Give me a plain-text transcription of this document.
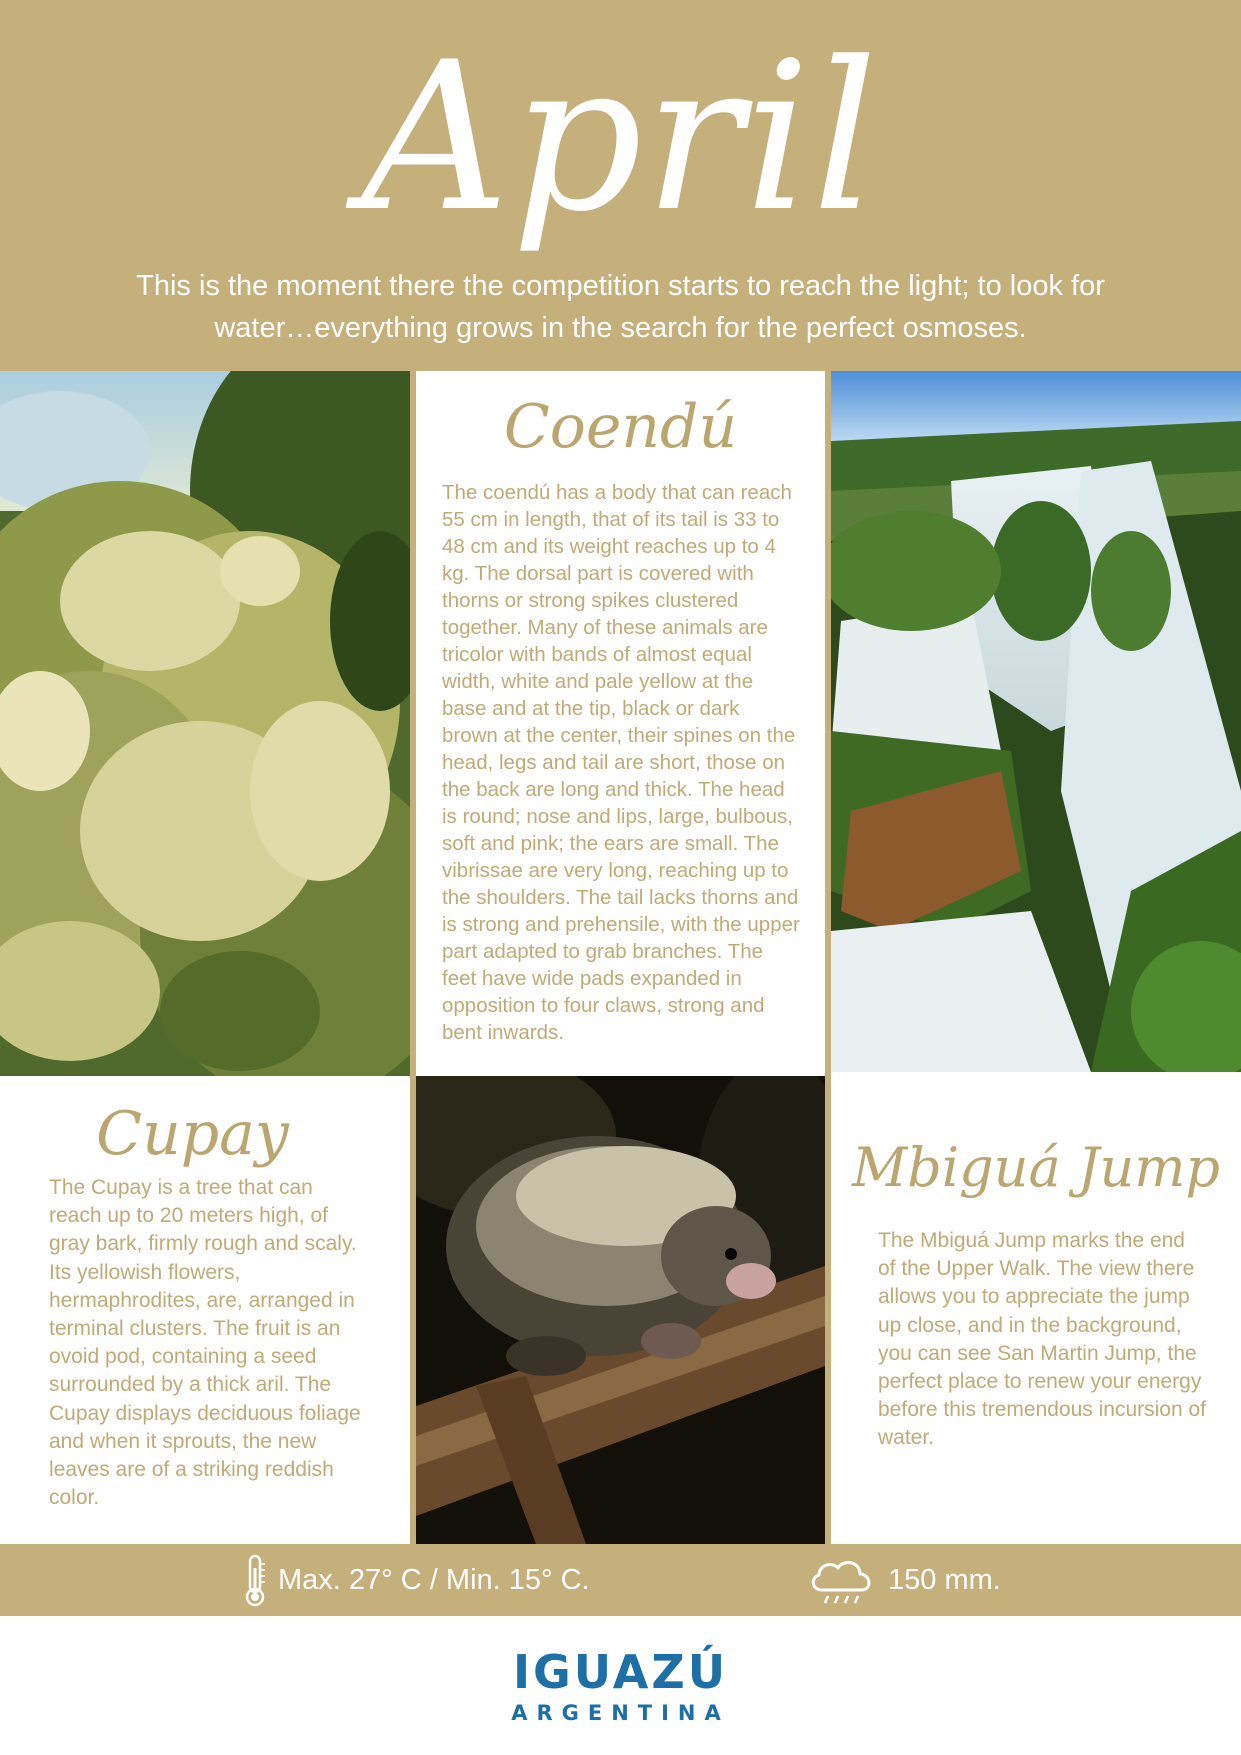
April
This is the moment there the competition starts to reach the light; to look for water…everything grows in the search for the perfect osmoses.
Coendú
The coendú has a body that can reach 55 cm in length, that of its tail is 33 to 48 cm and its weight reaches up to 4 kg. The dorsal part is covered with thorns or strong spikes clustered together. Many of these animals are tricolor with bands of almost equal width, white and pale yellow at the base and at the tip, black or dark brown at the center, their spines on the head, legs and tail are short, those on the back are long and thick. The head is round; nose and lips, large, bulbous, soft and pink; the ears are small. The vibrissae are very long, reaching up to the shoulders. The tail lacks thorns and is strong and prehensile, with the upper part adapted to grab branches. The feet have wide pads expanded in opposition to four claws, strong and bent inwards.
Cupay
The Cupay is a tree that can reach up to 20 meters high, of gray bark, firmly rough and scaly. Its yellowish flowers, hermaphrodites, are, arranged in terminal clusters. The fruit is an ovoid pod, containing a seed surrounded by a thick aril. The Cupay displays deciduous foliage and when it sprouts, the new leaves are of a striking reddish color.
Mbiguá Jump
The Mbiguá Jump marks the end of the Upper Walk. The view there allows you to appreciate the jump up close, and in the background, you can see San Martin Jump, the perfect place to renew your energy before this tremendous incursion of water.
Max. 27° C / Min. 15° C.	150 mm.
IGUAZÚ
ARGENTINA
